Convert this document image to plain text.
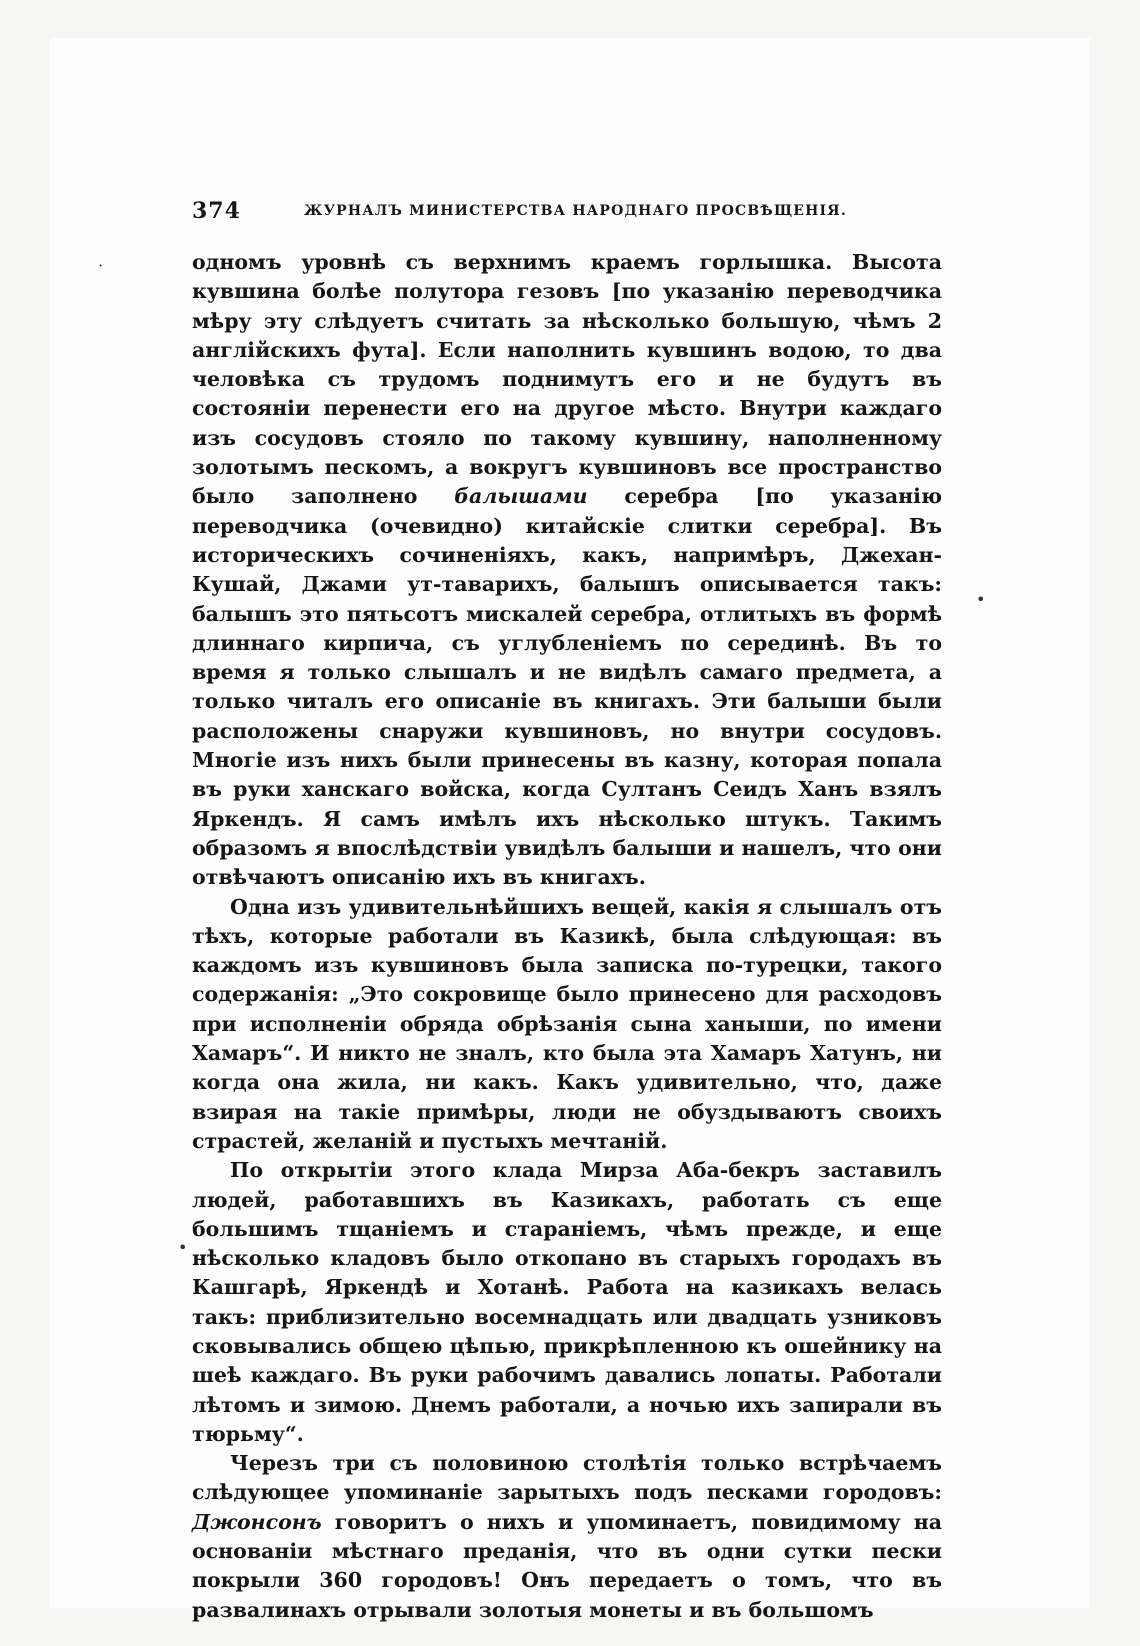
374	ЖУРНАЛЪ МИНИСТЕРСТВА НАРОДНАГО ПРОСВѢЩЕНІЯ.

одномъ уровнѣ съ верхнимъ краемъ горлышка. Высота кувшина болѣе полутора гезовъ [по указанію переводчика мѣру эту слѣдуетъ считать за нѣсколько большую, чѣмъ 2 англійскихъ фута]. Если наполнить кувшинъ водою, то два человѣка съ трудомъ поднимутъ его и не будутъ въ состояніи перенести его на другое мѣсто. Внутри каждаго изъ сосудовъ стояло по такому кувшину, наполненному золотымъ пескомъ, а вокругъ кувшиновъ все пространство было заполнено балышами серебра [по указанію переводчика (очевидно) китайскіе слитки серебра]. Въ историческихъ сочиненіяхъ, какъ, напримѣръ, Джехан-Кушай, Джами ут-таварихъ, балышъ описывается такъ: балышъ это пятьсотъ мискалей серебра, отлитыхъ въ формѣ длиннаго кирпича, съ углубленіемъ по серединѣ. Въ то время я только слышалъ и не видѣлъ самаго предмета, а только читалъ его описаніе въ книгахъ. Эти балыши были расположены снаружи кувшиновъ, но внутри сосудовъ. Многіе изъ нихъ были принесены въ казну, которая попала въ руки ханскаго войска, когда Султанъ Сеидъ Ханъ взялъ Яркендъ. Я самъ имѣлъ ихъ нѣсколько штукъ. Такимъ образомъ я впослѣдствіи увидѣлъ балыши и нашелъ, что они отвѣчаютъ описанію ихъ въ книгахъ.

Одна изъ удивительнѣйшихъ вещей, какія я слышалъ отъ тѣхъ, которые работали въ Казикѣ, была слѣдующая: въ каждомъ изъ кувшиновъ была записка по-турецки, такого содержанія: „Это сокровище было принесено для расходовъ при исполненіи обряда обрѣзанія сына ханыши, по имени Хамаръ“. И никто не зналъ, кто была эта Хамаръ Хатунъ, ни когда она жила, ни какъ. Какъ удивительно, что, даже взирая на такіе примѣры, люди не обуздываютъ своихъ страстей, желаній и пустыхъ мечтаній.

По открытіи этого клада Мирза Аба-бекръ заставилъ людей, работавшихъ въ Казикахъ, работать съ еще большимъ тщаніемъ и стараніемъ, чѣмъ прежде, и еще нѣсколько кладовъ было откопано въ старыхъ городахъ въ Кашгарѣ, Яркендѣ и Хотанѣ. Работа на казикахъ велась такъ: приблизительно восемнадцать или двадцать узниковъ сковывались общею цѣпью, прикрѣпленною къ ошейнику на шеѣ каждаго. Въ руки рабочимъ давались лопаты. Работали лѣтомъ и зимою. Днемъ работали, а ночью ихъ запирали въ тюрьму“.

Черезъ три съ половиною столѣтія только встрѣчаемъ слѣдующее упоминаніе зарытыхъ подъ песками городовъ: Джонсонъ говоритъ о нихъ и упоминаетъ, повидимому на основаніи мѣстнаго преданія, что въ одни сутки пески покрыли 360 городовъ! Онъ передаетъ о томъ, что въ развалинахъ отрывали золотыя монеты и въ большомъ

·
•
•
